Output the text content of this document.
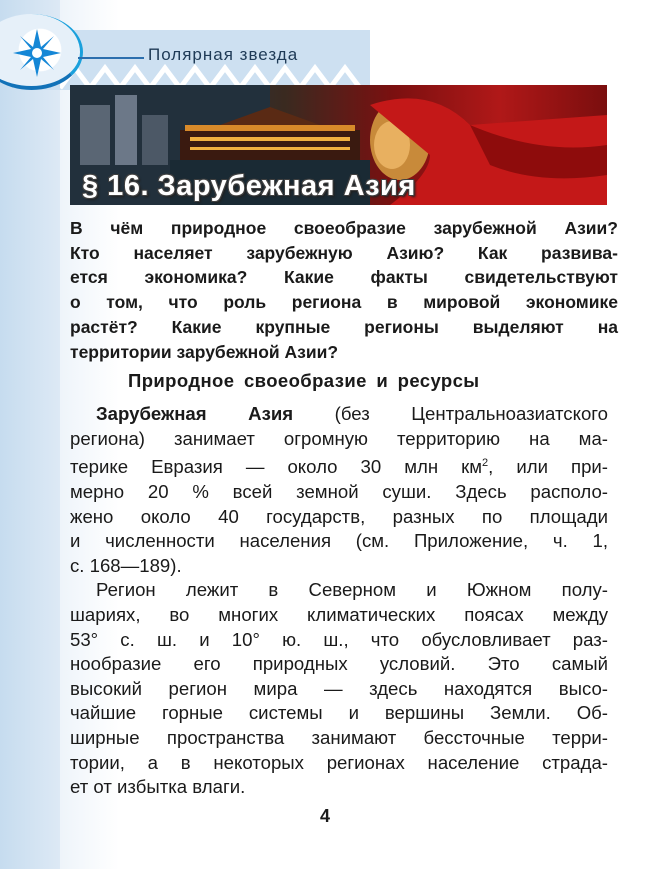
Полярная звезда
§ 16. Зарубежная Азия
В чём природное своеобразие зарубежной Азии?
Кто населяет зарубежную Азию? Как развива-
ется экономика? Какие факты свидетельствуют
о том, что роль региона в мировой экономике
растёт? Какие крупные регионы выделяют на
территории зарубежной Азии?
Природное своеобразие и ресурсы
Зарубежная Азия (без Центральноазиатского
региона) занимает огромную территорию на ма-
терике Евразия — около 30 млн $км^2$, или при-
мерно 20 % всей земной суши. Здесь располо-
жено около 40 государств, разных по площади
и численности населения (см. Приложение, ч. 1,
с. 168—189).
Регион лежит в Северном и Южном полу-
шариях, во многих климатических поясах между
53° с. ш. и 10° ю. ш., что обусловливает раз-
нообразие его природных условий. Это самый
высокий регион мира — здесь находятся высо-
чайшие горные системы и вершины Земли. Об-
ширные пространства занимают бессточные терри-
тории, а в некоторых регионах население страда-
ет от избытка влаги.
4
